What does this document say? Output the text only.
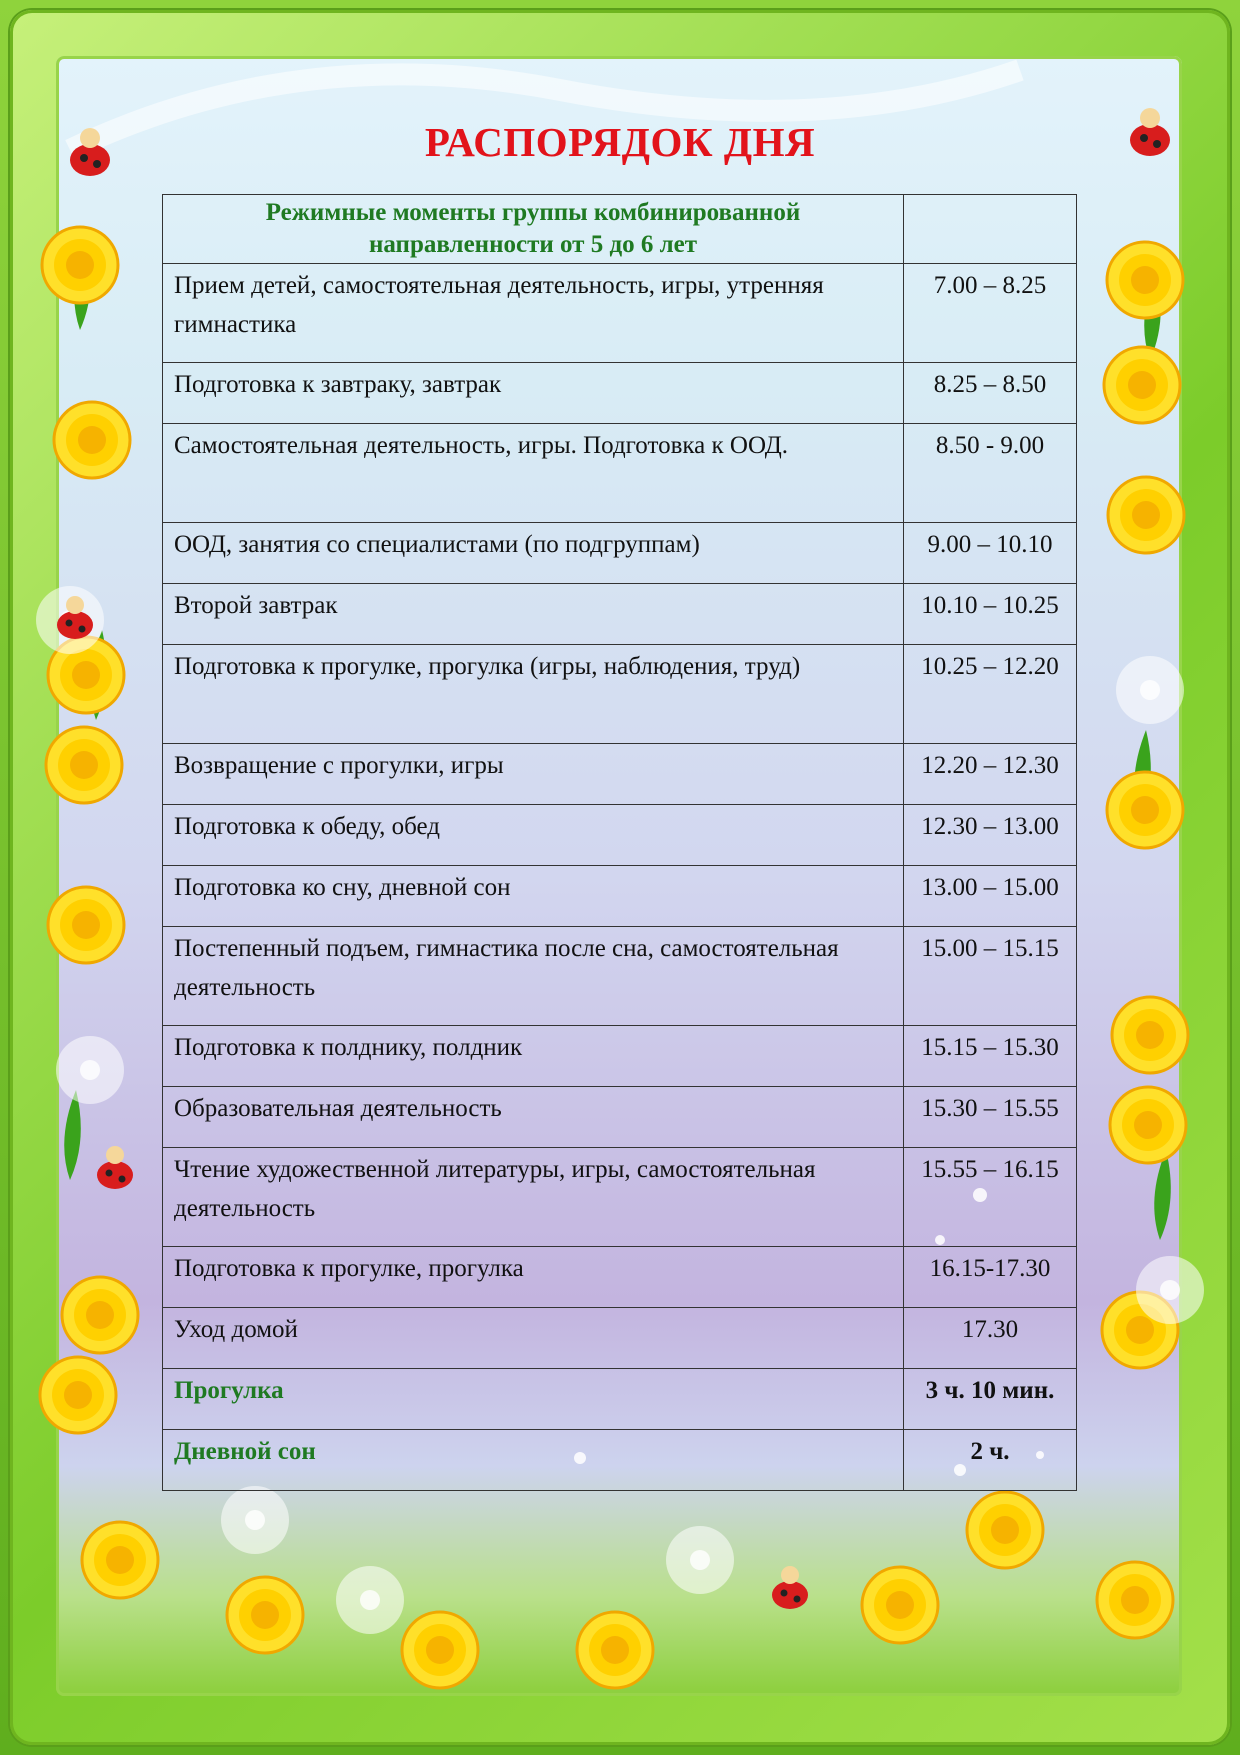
РАСПОРЯДОК ДНЯ
Режимные моменты группы комбинированной направленности от 5 до 6 лет	
Прием детей, самостоятельная деятельность, игры, утренняя гимнастика	7.00 – 8.25
Подготовка к завтраку, завтрак	8.25 – 8.50
Самостоятельная деятельность, игры. Подготовка к ООД.	8.50 - 9.00
ООД, занятия со специалистами (по подгруппам)	9.00 – 10.10
Второй завтрак	10.10 – 10.25
Подготовка к прогулке, прогулка (игры, наблюдения, труд)	10.25 – 12.20
Возвращение с прогулки, игры	12.20 – 12.30
Подготовка к обеду, обед	12.30 – 13.00
Подготовка ко сну, дневной сон	13.00 – 15.00
Постепенный подъем, гимнастика после сна, самостоятельная деятельность	15.00 – 15.15
Подготовка к полднику, полдник	15.15 – 15.30
Образовательная деятельность	15.30 – 15.55
Чтение художественной литературы, игры, самостоятельная деятельность	15.55 – 16.15
Подготовка к прогулке, прогулка	16.15-17.30
Уход домой	17.30
Прогулка	3 ч. 10 мин.
Дневной сон	2 ч.
